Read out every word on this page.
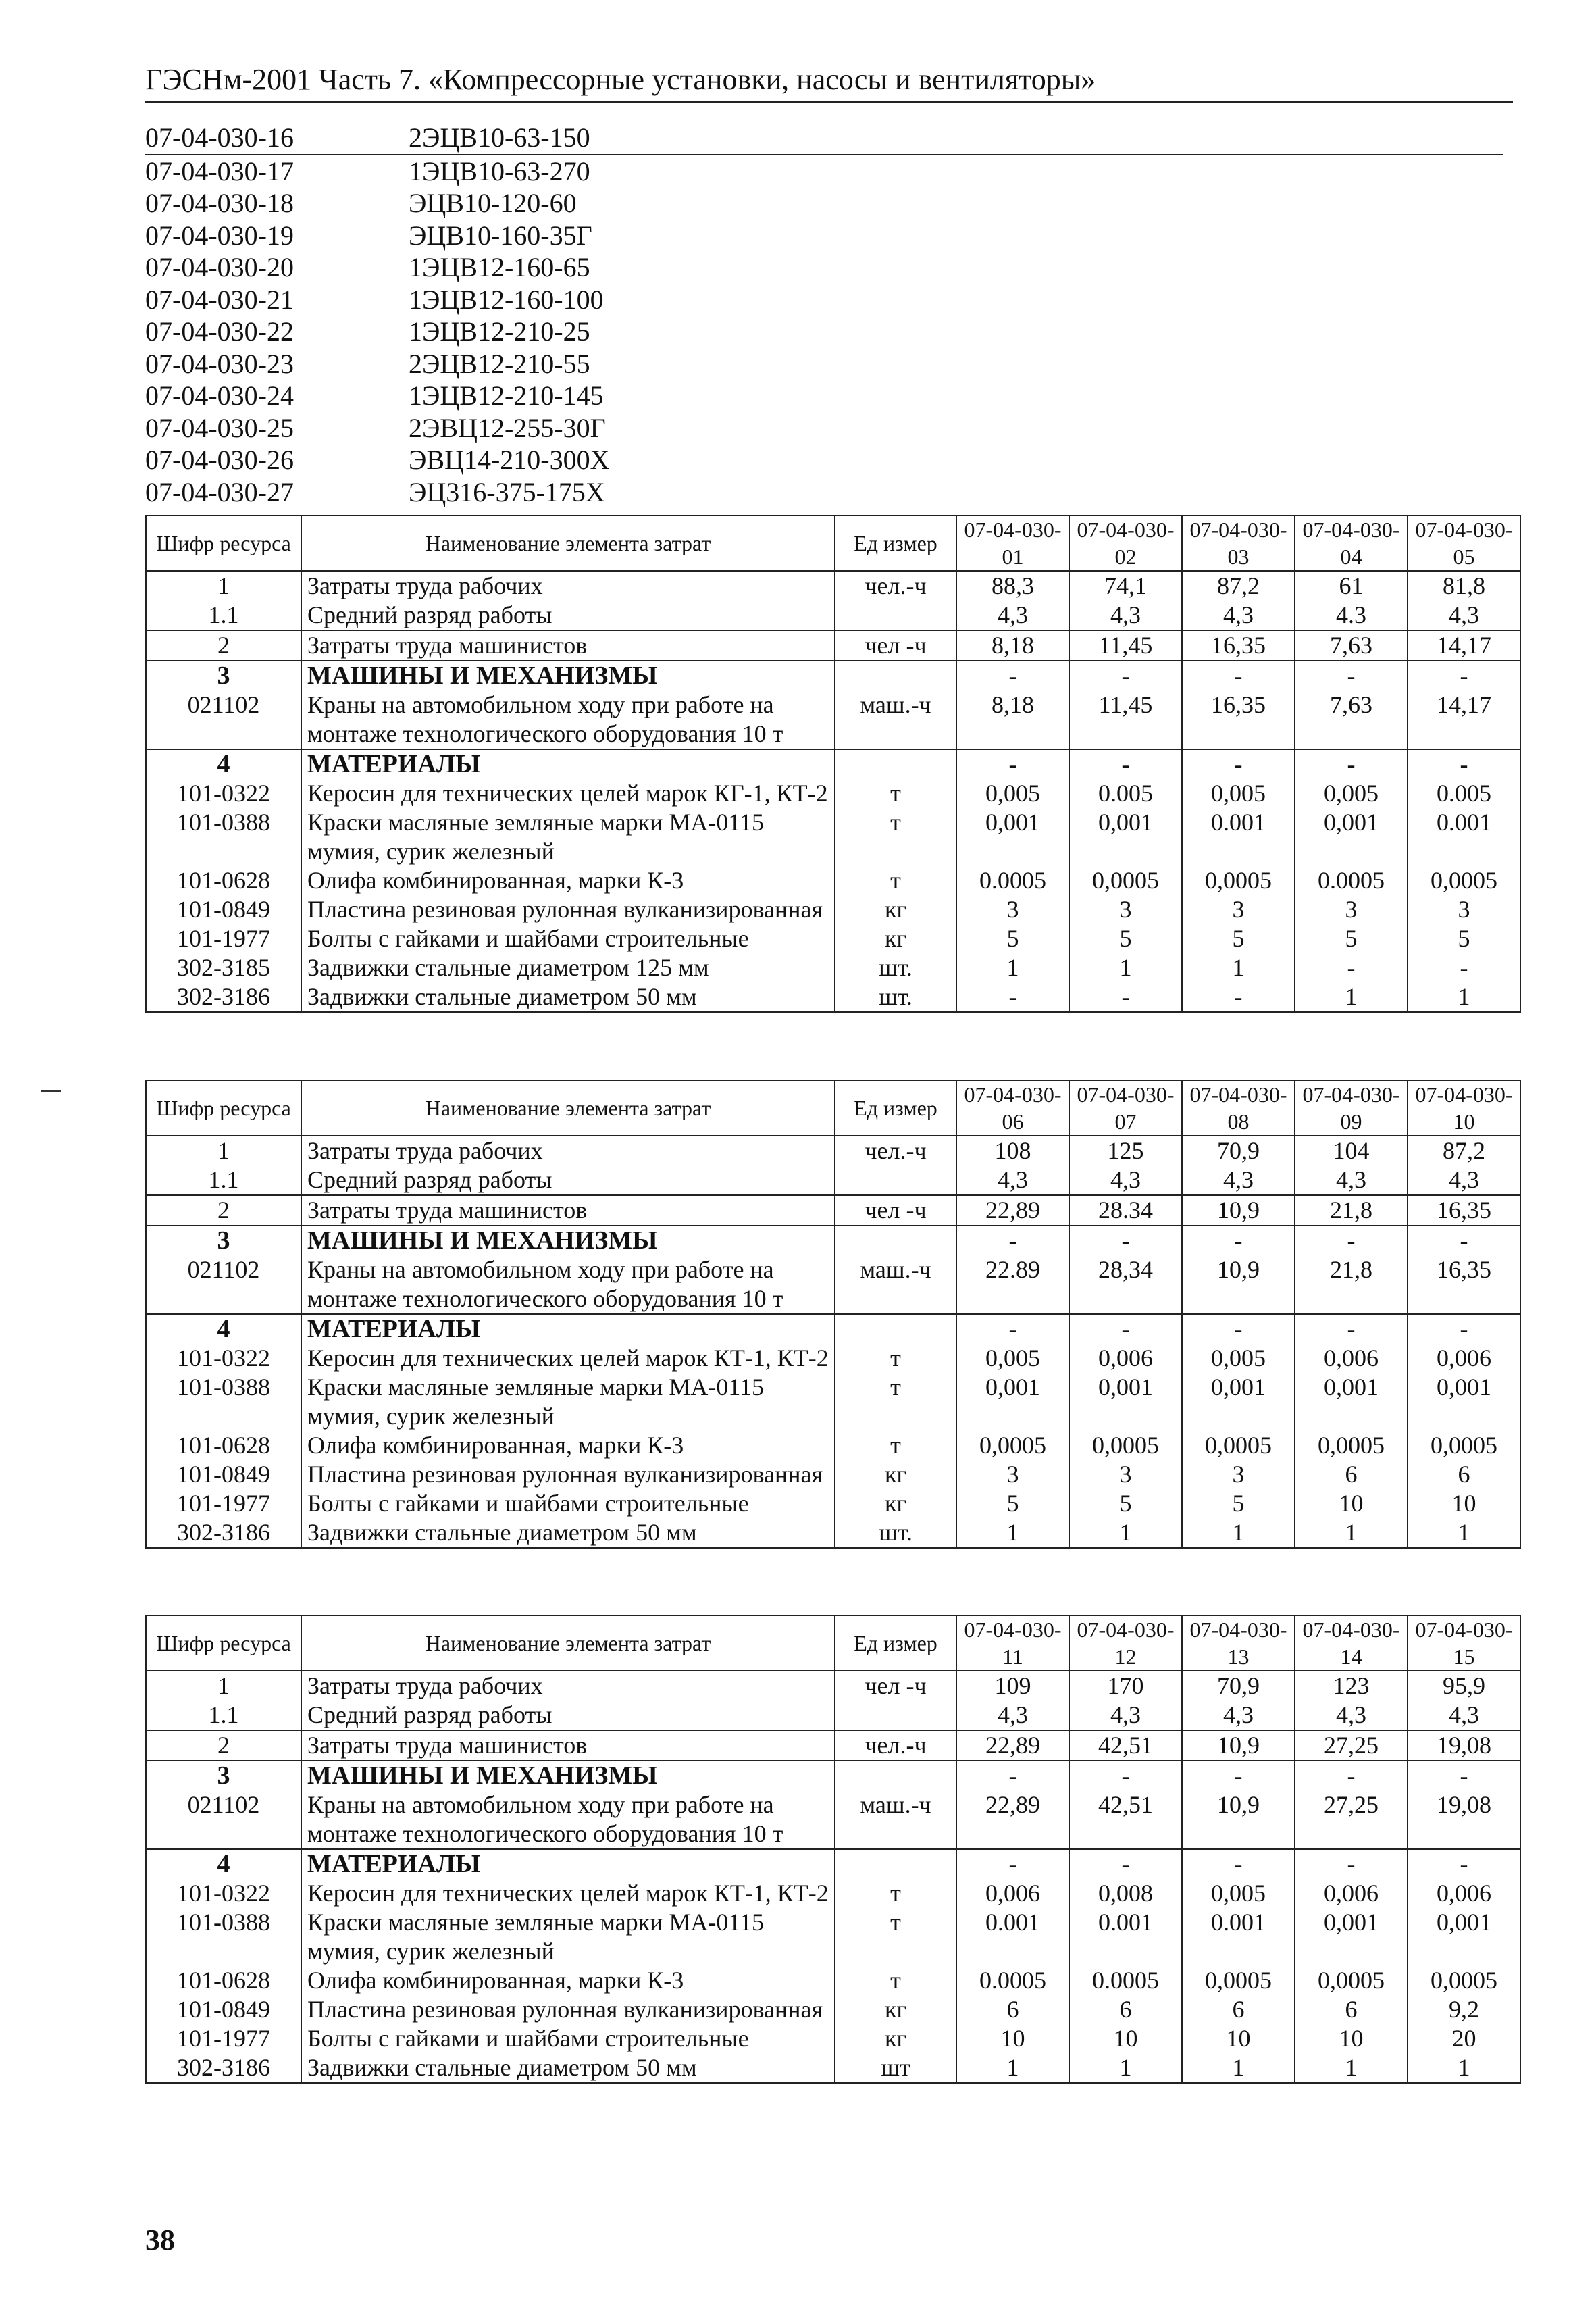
ГЭСНм-2001 Часть 7. «Компрессорные установки, насосы и вентиляторы»
07-04-030-16	2ЭЦВ10-63-150
07-04-030-17	1ЭЦВ10-63-270
07-04-030-18	ЭЦВ10-120-60
07-04-030-19	ЭЦВ10-160-35Г
07-04-030-20	1ЭЦВ12-160-65
07-04-030-21	1ЭЦВ12-160-100
07-04-030-22	1ЭЦВ12-210-25
07-04-030-23	2ЭЦВ12-210-55
07-04-030-24	1ЭЦВ12-210-145
07-04-030-25	2ЭВЦ12-255-30Г
07-04-030-26	ЭВЦ14-210-300Х
07-04-030-27	ЭЦ316-375-175Х
Шифр ресурса	Наименование элемента затрат	Ед измер	07-04-030-01	07-04-030-02	07-04-030-03	07-04-030-04	07-04-030-05
1	Затраты труда рабочих	чел.-ч	88,3	74,1	87,2	61	81,8
1.1	Средний разряд работы		4,3	4,3	4,3	4.3	4,3
2	Затраты труда машинистов	чел -ч	8,18	11,45	16,35	7,63	14,17
3	МАШИНЫ И МЕХАНИЗМЫ		-	-	-	-	-
021102	Краны на автомобильном ходу при работе на монтаже технологического оборудования 10 т	маш.-ч	8,18	11,45	16,35	7,63	14,17
4	МАТЕРИАЛЫ		-	-	-	-	-
101-0322	Керосин для технических целей марок КГ-1, КТ-2	т	0,005	0.005	0,005	0,005	0.005
101-0388	Краски масляные земляные марки МА-0115 мумия, сурик железный	т	0,001	0,001	0.001	0,001	0.001
101-0628	Олифа комбинированная, марки К-3	т	0.0005	0,0005	0,0005	0.0005	0,0005
101-0849	Пластина резиновая рулонная вулканизированная	кг	3	3	3	3	3
101-1977	Болты с гайками и шайбами строительные	кг	5	5	5	5	5
302-3185	Задвижки стальные диаметром 125 мм	шт.	1	1	1	-	-
302-3186	Задвижки стальные диаметром 50 мм	шт.	-	-	-	1	1
Шифр ресурса	Наименование элемента затрат	Ед измер	07-04-030-06	07-04-030-07	07-04-030-08	07-04-030-09	07-04-030-10
1	Затраты труда рабочих	чел.-ч	108	125	70,9	104	87,2
1.1	Средний разряд работы		4,3	4,3	4,3	4,3	4,3
2	Затраты труда машинистов	чел -ч	22,89	28.34	10,9	21,8	16,35
3	МАШИНЫ И МЕХАНИЗМЫ		-	-	-	-	-
021102	Краны на автомобильном ходу при работе на монтаже технологического оборудования 10 т	маш.-ч	22.89	28,34	10,9	21,8	16,35
4	МАТЕРИАЛЫ		-	-	-	-	-
101-0322	Керосин для технических целей марок КТ-1, КТ-2	т	0,005	0,006	0,005	0,006	0,006
101-0388	Краски масляные земляные марки МА-0115 мумия, сурик железный	т	0,001	0,001	0,001	0,001	0,001
101-0628	Олифа комбинированная, марки К-3	т	0,0005	0,0005	0,0005	0,0005	0,0005
101-0849	Пластина резиновая рулонная вулканизированная	кг	3	3	3	6	6
101-1977	Болты с гайками и шайбами строительные	кг	5	5	5	10	10
302-3186	Задвижки стальные диаметром 50 мм	шт.	1	1	1	1	1
Шифр ресурса	Наименование элемента затрат	Ед измер	07-04-030-11	07-04-030-12	07-04-030-13	07-04-030-14	07-04-030-15
1	Затраты труда рабочих	чел -ч	109	170	70,9	123	95,9
1.1	Средний разряд работы		4,3	4,3	4,3	4,3	4,3
2	Затраты труда машинистов	чел.-ч	22,89	42,51	10,9	27,25	19,08
3	МАШИНЫ И МЕХАНИЗМЫ		-	-	-	-	-
021102	Краны на автомобильном ходу при работе на монтаже технологического оборудования 10 т	маш.-ч	22,89	42,51	10,9	27,25	19,08
4	МАТЕРИАЛЫ		-	-	-	-	-
101-0322	Керосин для технических целей марок КТ-1, КТ-2	т	0,006	0,008	0,005	0,006	0,006
101-0388	Краски масляные земляные марки МА-0115 мумия, сурик железный	т	0.001	0.001	0.001	0,001	0,001
101-0628	Олифа комбинированная, марки К-3	т	0.0005	0.0005	0,0005	0,0005	0,0005
101-0849	Пластина резиновая рулонная вулканизированная	кг	6	6	6	6	9,2
101-1977	Болты с гайками и шайбами строительные	кг	10	10	10	10	20
302-3186	Задвижки стальные диаметром 50 мм	шт	1	1	1	1	1
38
